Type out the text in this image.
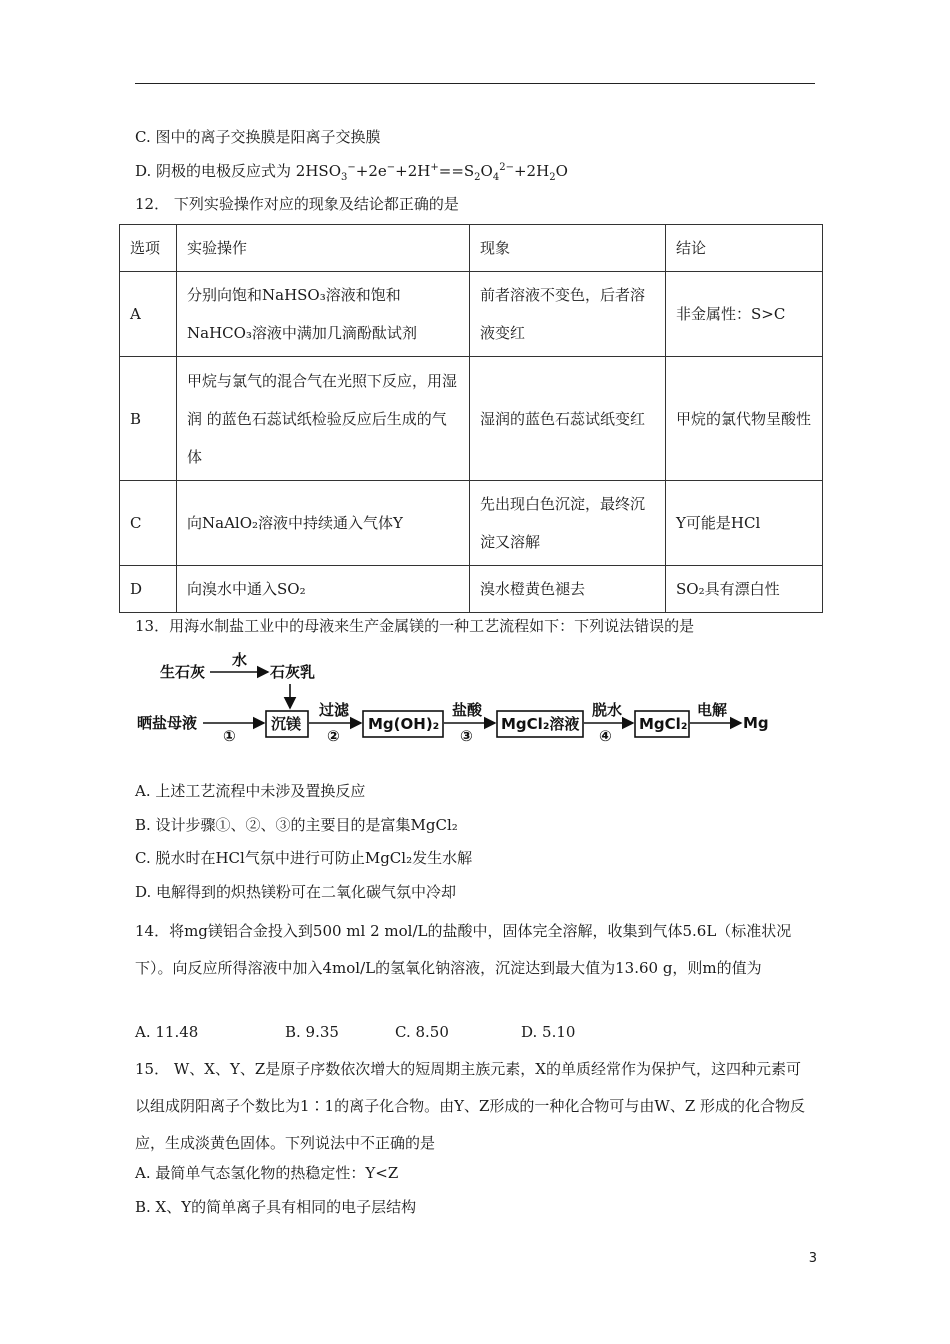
C. 图中的离子交换膜是阳离子交换膜
D. 阴极的电极反应式为 $2HSO_3^-+2e^-+2H^+==S_2O_4^{2-}+2H_2O$
12． 下列实验操作对应的现象及结论都正确的是
选项	实验操作	现象	结论
A	分别向饱和NaHSO₃溶液和饱和NaHCO₃溶液中满加几滴酚酞试剂	前者溶液不变色，后者溶液变红	非金属性：S>C
B	甲烷与氯气的混合气在光照下反应，用湿润 的蓝色石蕊试纸检验反应后生成的气体	湿润的蓝色石蕊试纸变红	甲烷的氯代物呈酸性
C	向NaAlO₂溶液中持续通入气体Y	先出现白色沉淀，最终沉淀又溶解	Y可能是HCl
D	向溴水中通入SO₂	溴水橙黄色褪去	SO₂具有漂白性
13．用海水制盐工业中的母液来生产金属镁的一种工艺流程如下：下列说法错误的是
生石灰
水
石灰乳
晒盐母液
①
沉镁
过滤
②
Mg(OH)₂
盐酸
③
MgCl₂溶液
脱水
④
MgCl₂
电解
Mg
A. 上述工艺流程中未涉及置换反应
B. 设计步骤①、②、③的主要目的是富集MgCl₂
C. 脱水时在HCl气氛中进行可防止MgCl₂发生水解
D. 电解得到的炽热镁粉可在二氧化碳气氛中冷却
14．将mg镁铝合金投入到500 ml 2 mol/L的盐酸中，固体完全溶解，收集到气体5.6L（标准状况下）。向反应所得溶液中加入4mol/L的氢氧化钠溶液，沉淀达到最大值为13.60 g，则m的值为
A. 11.48	B. 9.35	C. 8.50	D. 5.10
15． W、X、Y、Z是原子序数依次增大的短周期主族元素，X的单质经常作为保护气，这四种元素可以组成阴阳离子个数比为1∶1的离子化合物。由Y、Z形成的一种化合物可与由W、Z 形成的化合物反应，生成淡黄色固体。下列说法中不正确的是
A. 最简单气态氢化物的热稳定性：Y<Z
B. X、Y的简单离子具有相同的电子层结构
3
